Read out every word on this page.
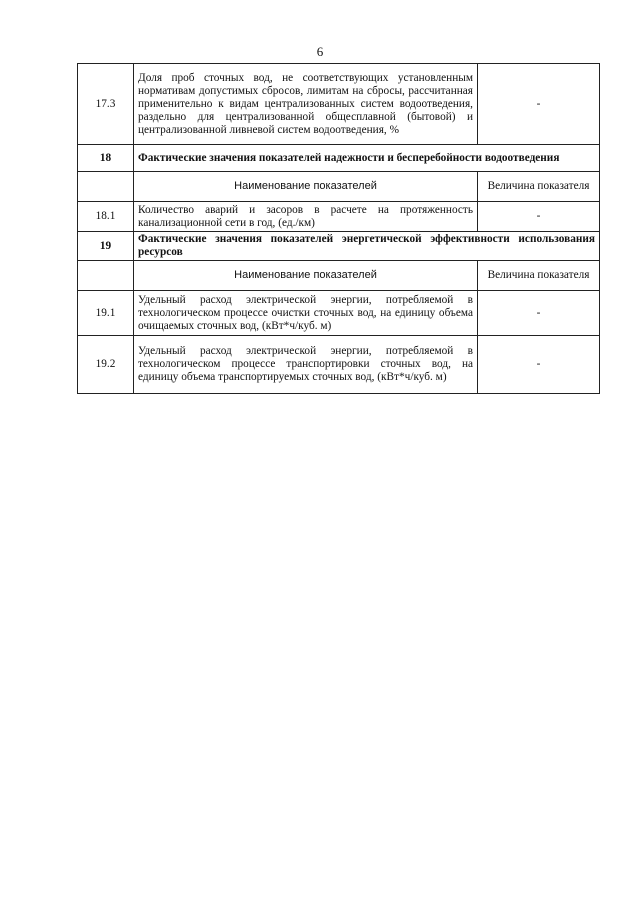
6
17.3	Доля проб сточных вод, не соответствующих установленным нормативам допустимых сбросов, лимитам на сбросы, рассчитанная применительно к видам централизованных систем водоотведения, раздельно для централизованной общесплавной (бытовой) и централизованной ливневой систем водоотведения, %	-
18	Фактические значения показателей надежности и бесперебойности водоотведения	
	Наименование показателей	Величина показателя
18.1	Количество аварий и засоров в расчете на протяженность канализационной сети в год, (ед./км)	-
19	Фактические значения показателей энергетической эффективности использования ресурсов	
	Наименование показателей	Величина показателя
19.1	Удельный расход электрической энергии, потребляемой в технологическом процессе очистки сточных вод, на единицу объема очищаемых сточных вод, (кВт*ч/куб. м)	-
19.2	Удельный расход электрической энергии, потребляемой в технологическом процессе транспортировки сточных вод, на единицу объема транспортируемых сточных вод, (кВт*ч/куб. м)	-
